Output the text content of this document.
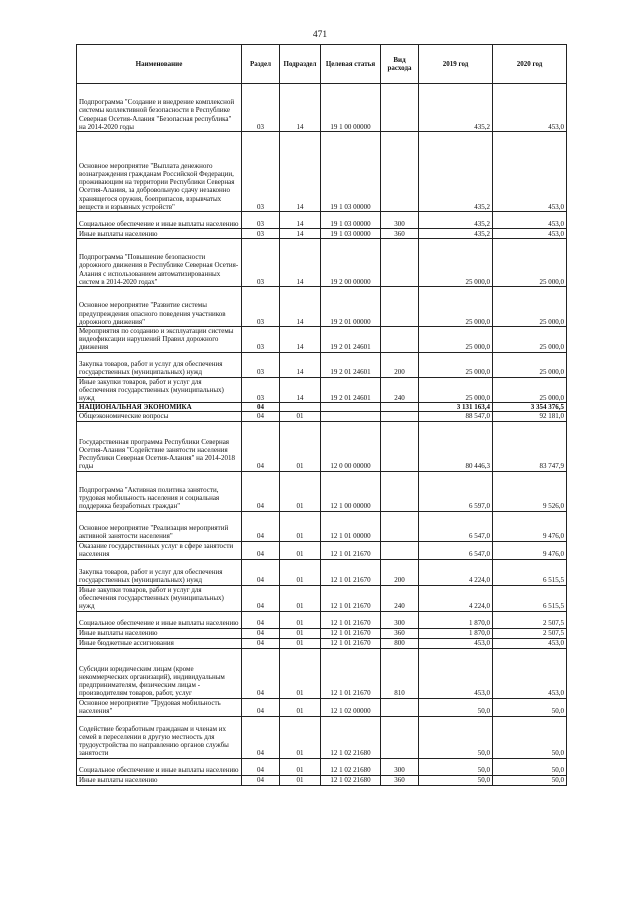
471
Наименование	Раздел	Подраздел	Целевая статья	Вид расхода	2019 год	2020 год
Подпрограмма "Создание и внедрение комплексной системы коллективной безопасности в Республике Северная Осетия-Алания "Безопасная республика" на 2014-2020 годы	03	14	19 1 00 00000		435,2	453,0
Основное мероприятие "Выплата денежного вознаграждения гражданам Российской Федерации, проживающим на территории Республики Северная Осетия-Алания, за добровольную сдачу незаконно хранящегося оружия, боеприпасов, взрывчатых веществ и взрывных устройств"	03	14	19 1 03 00000		435,2	453,0
Социальное обеспечение и иные выплаты населению	03	14	19 1 03 00000	300	435,2	453,0
Иные выплаты населению	03	14	19 1 03 00000	360	435,2	453,0
Подпрограмма "Повышение безопасности дорожного движения в Республике Северная Осетия-Алания с использованием автоматизированных систем в 2014-2020 годах"	03	14	19 2 00 00000		25 000,0	25 000,0
Основное мероприятие "Развитие системы предупреждения опасного поведения участников дорожного движения"	03	14	19 2 01 00000		25 000,0	25 000,0
Мероприятия по созданию и эксплуатации системы видеофиксации нарушений Правил дорожного движения	03	14	19 2 01 24601		25 000,0	25 000,0
Закупка товаров, работ и услуг для обеспечения государственных (муниципальных) нужд	03	14	19 2 01 24601	200	25 000,0	25 000,0
Иные закупки товаров, работ и услуг для обеспечения государственных (муниципальных) нужд	03	14	19 2 01 24601	240	25 000,0	25 000,0
НАЦИОНАЛЬНАЯ ЭКОНОМИКА	04				3 131 163,4	3 354 376,5
Общеэкономические вопросы	04	01			88 547,0	92 181,0
Государственная программа Республики Северная Осетия-Алания "Содействие занятости населения Республики Северная Осетия-Алания" на 2014-2018 годы	04	01	12 0 00 00000		80 446,3	83 747,9
Подпрограмма "Активная политика занятости, трудовая мобильность населения и социальная поддержка безработных граждан"	04	01	12 1 00 00000		6 597,0	9 526,0
Основное мероприятие "Реализация мероприятий активной занятости населения"	04	01	12 1 01 00000		6 547,0	9 476,0
Оказание государственных услуг в сфере занятости населения	04	01	12 1 01 21670		6 547,0	9 476,0
Закупка товаров, работ и услуг для обеспечения государственных (муниципальных) нужд	04	01	12 1 01 21670	200	4 224,0	6 515,5
Иные закупки товаров, работ и услуг для обеспечения государственных (муниципальных) нужд	04	01	12 1 01 21670	240	4 224,0	6 515,5
Социальное обеспечение и иные выплаты населению	04	01	12 1 01 21670	300	1 870,0	2 507,5
Иные выплаты населению	04	01	12 1 01 21670	360	1 870,0	2 507,5
Иные бюджетные ассигнования	04	01	12 1 01 21670	800	453,0	453,0
Субсидии юридическим лицам (кроме некоммерческих организаций), индивидуальным предпринимателям, физическим лицам - производителям товаров, работ, услуг	04	01	12 1 01 21670	810	453,0	453,0
Основное мероприятие "Трудовая мобильность населения"	04	01	12 1 02 00000		50,0	50,0
Содействие безработным гражданам и членам их семей в переселении в другую местность для трудоустройства по направлению органов службы занятости	04	01	12 1 02 21680		50,0	50,0
Социальное обеспечение и иные выплаты населению	04	01	12 1 02 21680	300	50,0	50,0
Иные выплаты населению	04	01	12 1 02 21680	360	50,0	50,0
